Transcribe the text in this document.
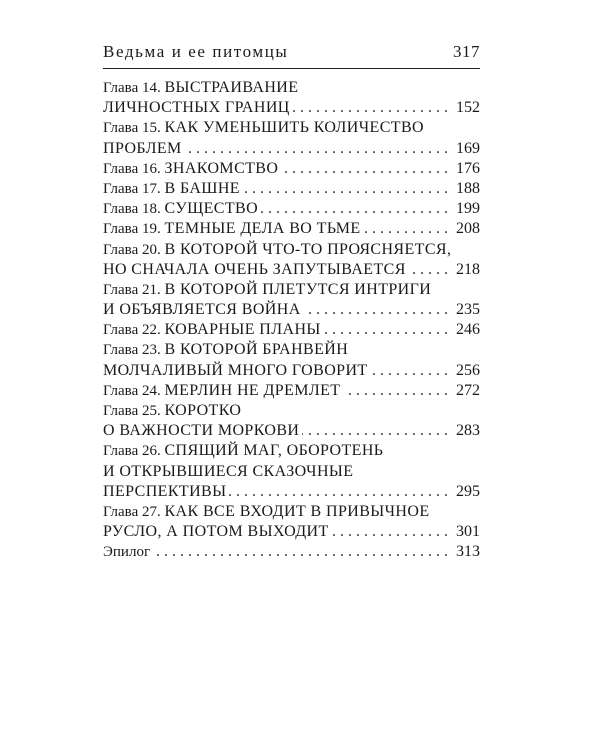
Ведьма и ее питомцы	317
Глава 14. ВЫСТРАИВАНИЕ
. . .
ЛИЧНОСТНЫХ ГРАНИЦ	152
Глава 15. КАК УМЕНЬШИТЬ КОЛИЧЕСТВО
. . .
ПРОБЛЕМ	169
. . .
Глава 16. ЗНАКОМСТВО	176
. . .
Глава 17. В БАШНЕ	188
. . .
Глава 18. СУЩЕСТВО	199
. . .
Глава 19. ТЕМНЫЕ ДЕЛА ВО ТЬМЕ	208
Глава 20. В КОТОРОЙ ЧТО-ТО ПРОЯСНЯЕТСЯ,
. . .
НО СНАЧАЛА ОЧЕНЬ ЗАПУТЫВАЕТСЯ	218
Глава 21. В КОТОРОЙ ПЛЕТУТСЯ ИНТРИГИ
. . .
И ОБЪЯВЛЯЕТСЯ ВОЙНА	235
. . .
Глава 22. КОВАРНЫЕ ПЛАНЫ	246
Глава 23. В КОТОРОЙ БРАНВЕЙН
. . .
МОЛЧАЛИВЫЙ МНОГО ГОВОРИТ	256
. . .
Глава 24. МЕРЛИН НЕ ДРЕМЛЕТ	272
Глава 25. КОРОТКО
. . .
О ВАЖНОСТИ МОРКОВИ	283
Глава 26. СПЯЩИЙ МАГ, ОБОРОТЕНЬ
И ОТКРЫВШИЕСЯ СКАЗОЧНЫЕ
. . .
ПЕРСПЕКТИВЫ	295
Глава 27. КАК ВСЕ ВХОДИТ В ПРИВЫЧНОЕ
. . .
РУСЛО, А ПОТОМ ВЫХОДИТ	301
. . .
Эпилог	313
